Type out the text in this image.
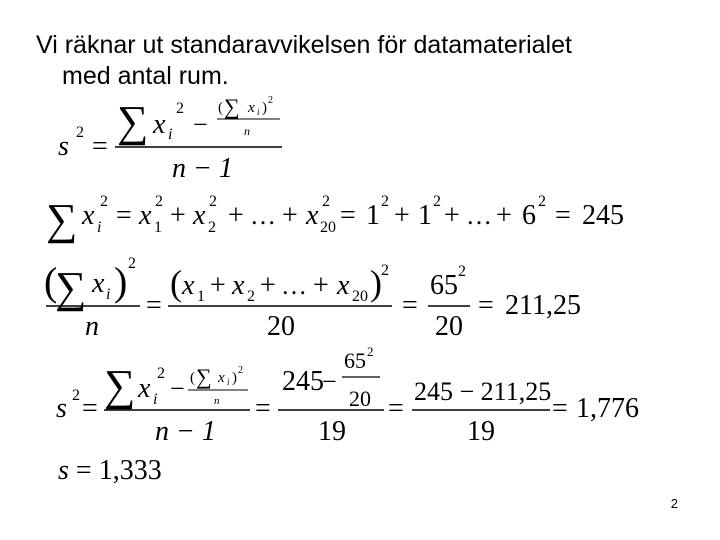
Vi räknar ut standaravvikelsen för datamaterialet
med antal rum.
s 2 =
∑ x
2
i −
( ∑ x i ) 2
n
n − 1
∑ x 2
i = x 2
1 + x 2
2 + … + x 2
20 = 1 2 + 1 2 + … + 6 2 = 245
(
∑ x i ) 2
n
=
( x 1 + x 2 + … + x 20 ) 2
20
=
65 2
20
= 211,25
s 2 = ∑ x 2
i − ( ∑ x i ) 2
n
n − 1
=
245
−
65 2
20
19
=
245 − 211,25
19
= 1,776
s = 1,333
2
